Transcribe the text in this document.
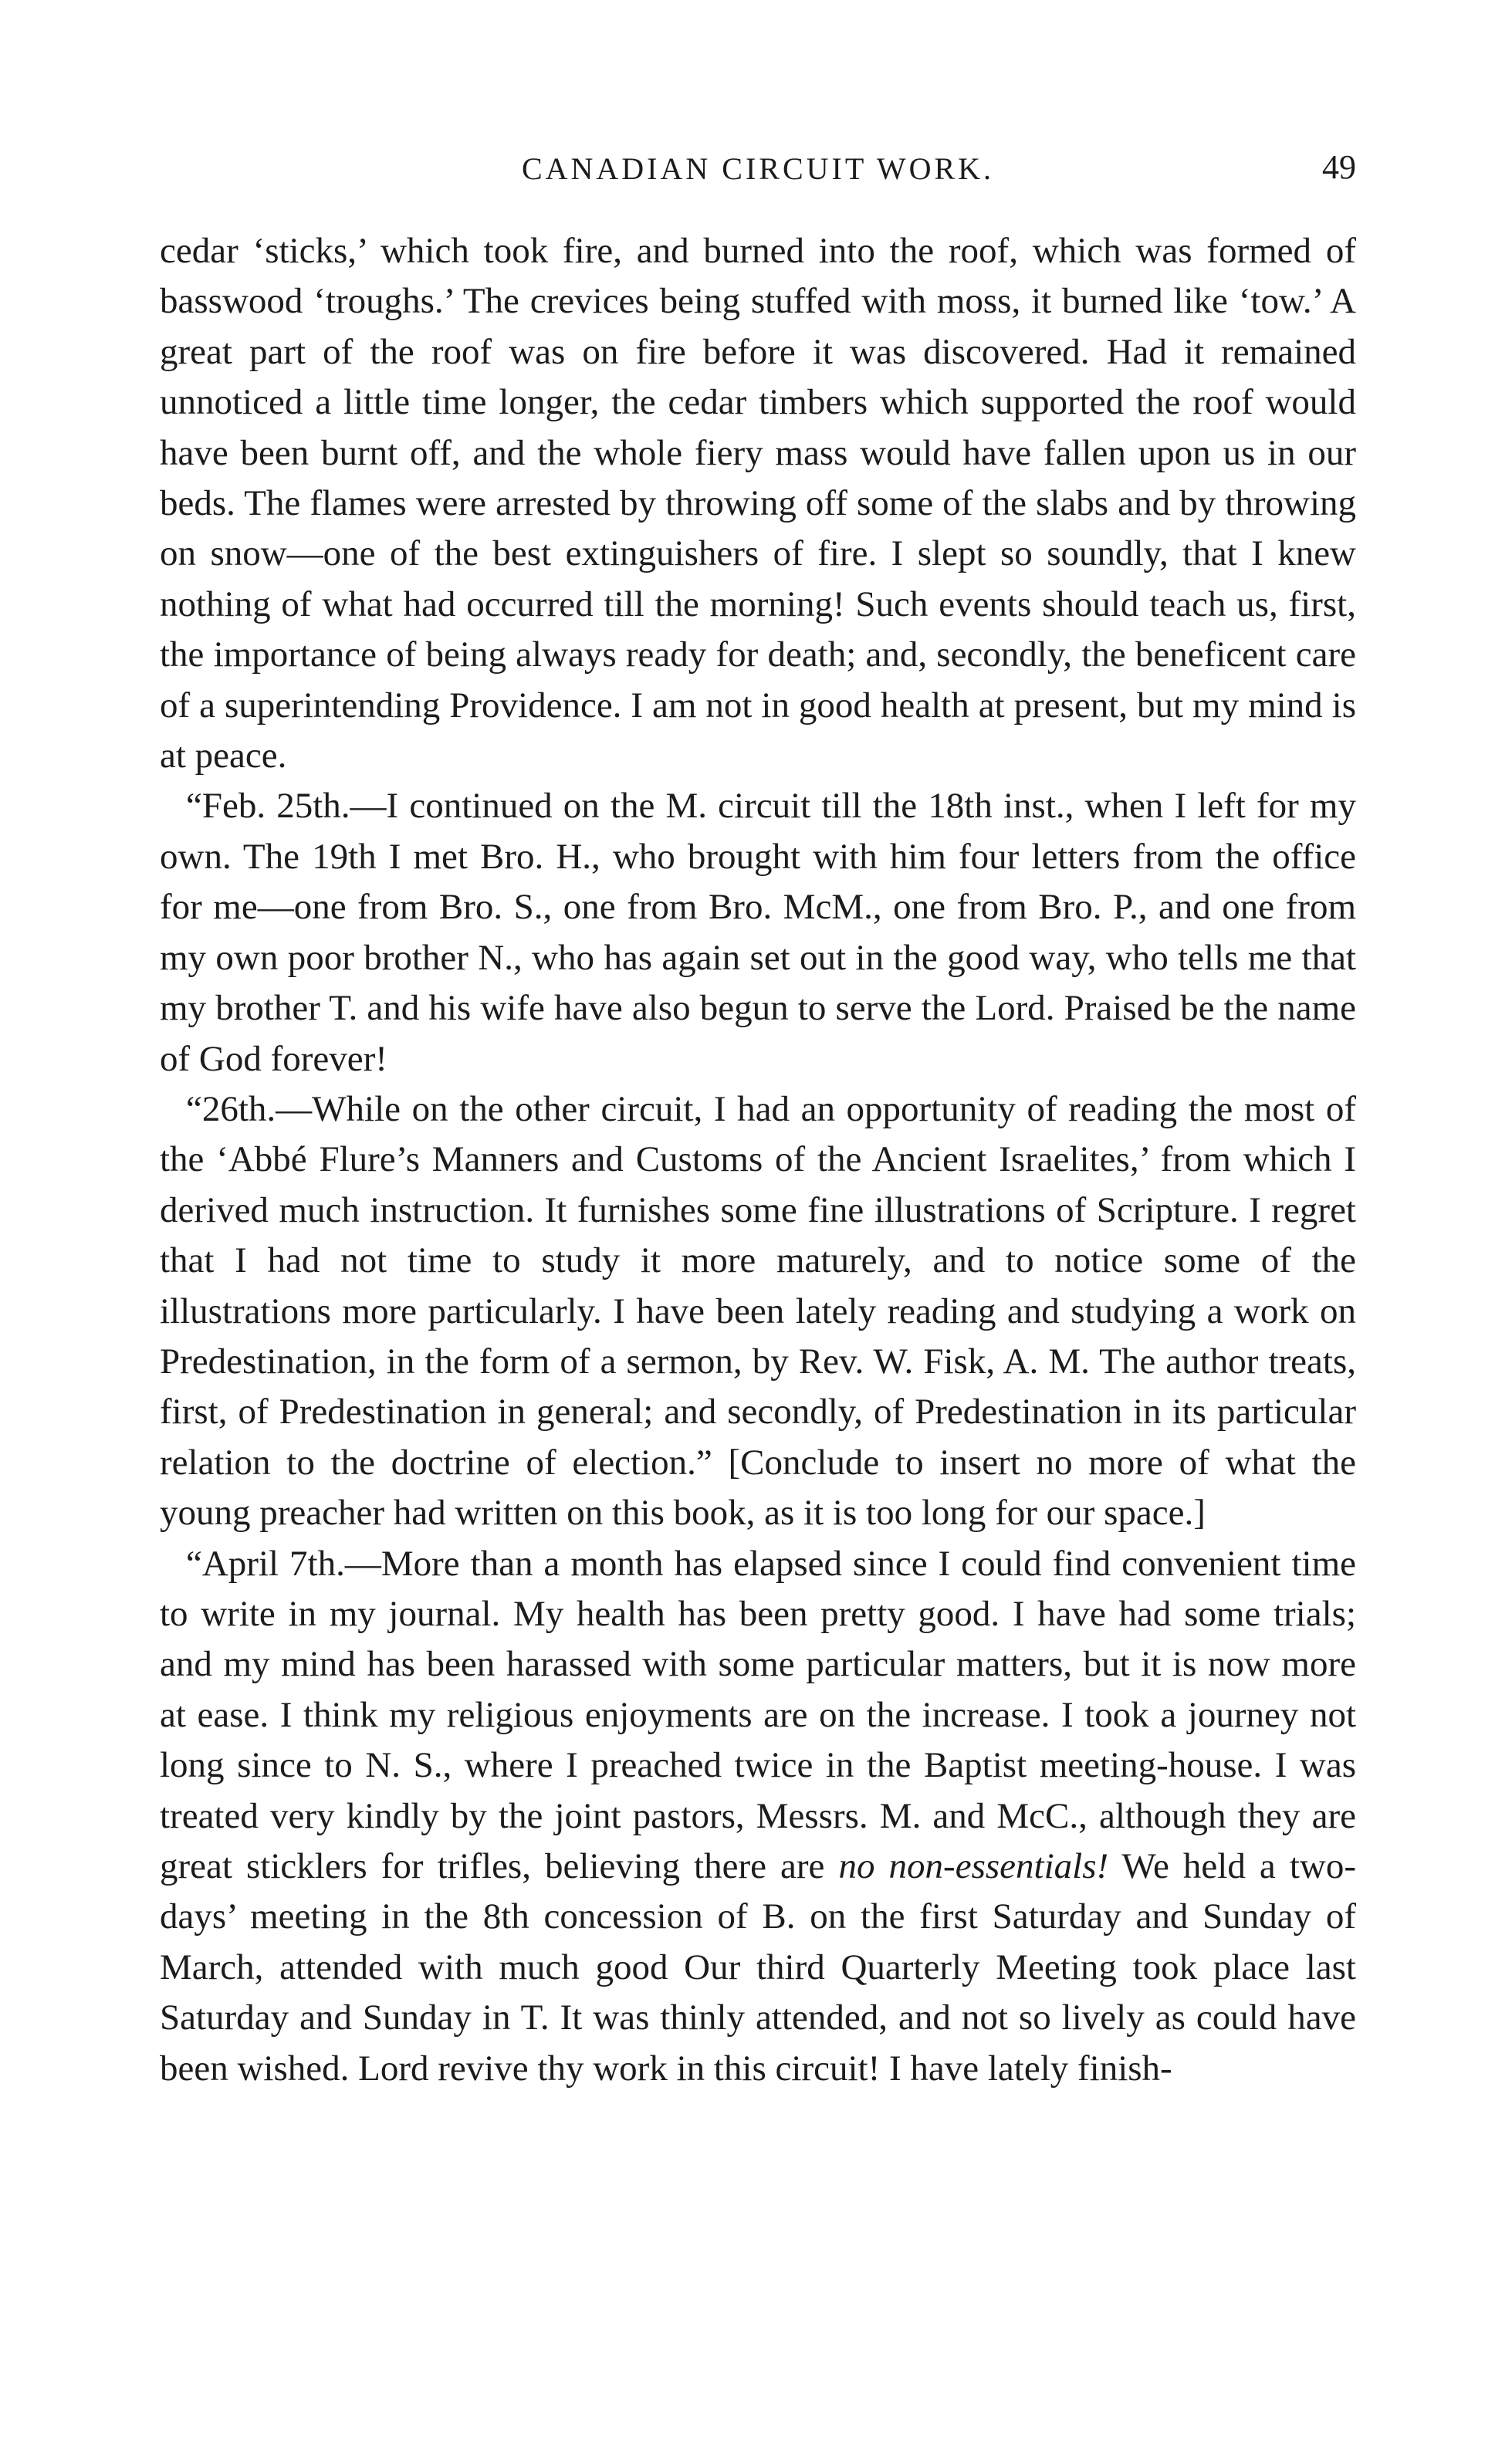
CANADIAN CIRCUIT WORK.	49

cedar ‘sticks,’ which took fire, and burned into the roof, which was formed of basswood ‘troughs.’ The crevices being stuffed with moss, it burned like ‘tow.’ A great part of the roof was on fire before it was discovered. Had it remained unnoticed a little time longer, the cedar timbers which supported the roof would have been burnt off, and the whole fiery mass would have fallen upon us in our beds. The flames were arrested by throwing off some of the slabs and by throwing on snow—one of the best extinguishers of fire. I slept so soundly, that I knew nothing of what had occurred till the morning! Such events should teach us, first, the importance of being always ready for death; and, secondly, the beneficent care of a superintending Providence. I am not in good health at present, but my mind is at peace.

“Feb. 25th.—I continued on the M. circuit till the 18th inst., when I left for my own. The 19th I met Bro. H., who brought with him four letters from the office for me—one from Bro. S., one from Bro. McM., one from Bro. P., and one from my own poor brother N., who has again set out in the good way, who tells me that my brother T. and his wife have also begun to serve the Lord. Praised be the name of God forever!

“26th.—While on the other circuit, I had an opportunity of reading the most of the ‘Abbé Flure’s Manners and Customs of the Ancient Israelites,’ from which I derived much instruction. It furnishes some fine illustrations of Scripture. I regret that I had not time to study it more maturely, and to notice some of the illustrations more particularly. I have been lately reading and studying a work on Predestination, in the form of a sermon, by Rev. W. Fisk, A. M. The author treats, first, of Predestination in general; and secondly, of Predestination in its particular relation to the doctrine of election.” [Conclude to insert no more of what the young preacher had written on this book, as it is too long for our space.]

“April 7th.—More than a month has elapsed since I could find convenient time to write in my journal. My health has been pretty good. I have had some trials; and my mind has been harassed with some particular matters, but it is now more at ease. I think my religious enjoyments are on the increase. I took a journey not long since to N. S., where I preached twice in the Baptist meeting-house. I was treated very kindly by the joint pastors, Messrs. M. and McC., although they are great sticklers for trifles, believing there are no non-essentials! We held a two-days’ meeting in the 8th concession of B. on the first Saturday and Sunday of March, attended with much good Our third Quarterly Meeting took place last Saturday and Sunday in T. It was thinly attended, and not so lively as could have been wished. Lord revive thy work in this circuit! I have lately finish-
